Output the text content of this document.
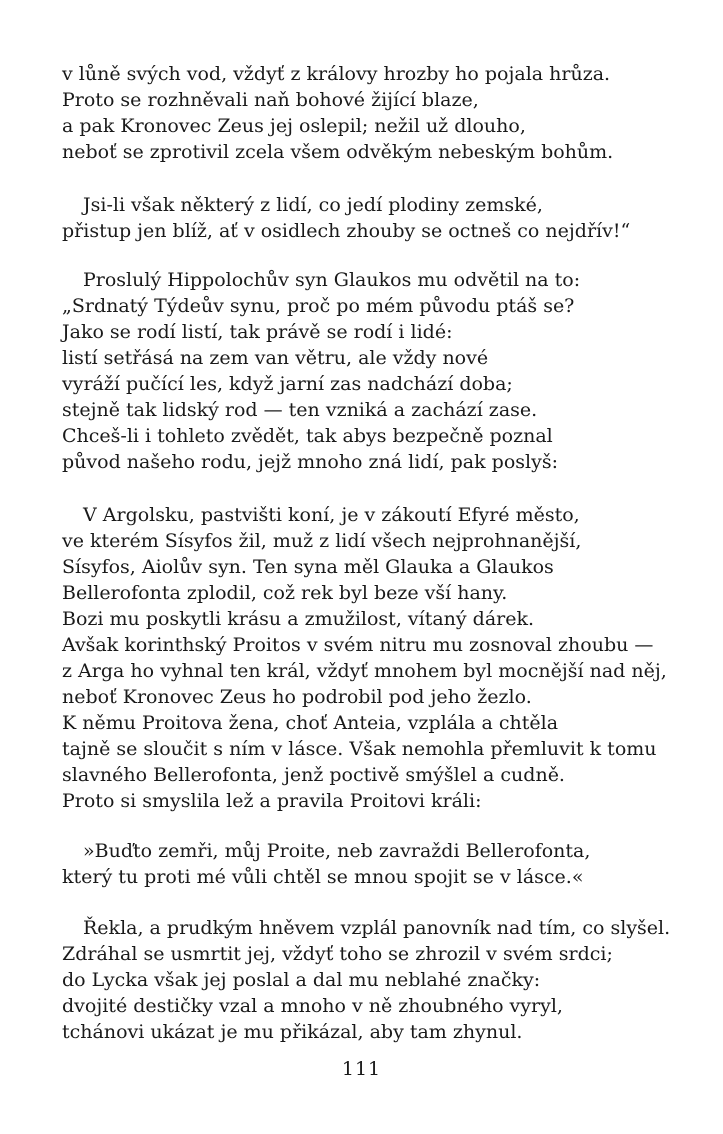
v lůně svých vod, vždyť z královy hrozby ho pojala hrůza.

Proto se rozhněvali naň bohové žijící blaze,

a pak Kronovec Zeus jej oslepil; nežil už dlouho,

neboť se zprotivil zcela všem odvěkým nebeským bohům.

Jsi-li však některý z lidí, co jedí plodiny zemské,

přistup jen blíž, ať v osidlech zhouby se octneš co nejdřív!“

Proslulý Hippolochův syn Glaukos mu odvětil na to:

„Srdnatý Týdeův synu, proč po mém původu ptáš se?

Jako se rodí listí, tak právě se rodí i lidé:

listí setřásá na zem van větru, ale vždy nové

vyráží pučící les, když jarní zas nadchází doba;

stejně tak lidský rod — ten vzniká a zachází zase.

Chceš-li i tohleto zvědět, tak abys bezpečně poznal

původ našeho rodu, jejž mnoho zná lidí, pak poslyš:

V Argolsku, pastvišti koní, je v zákoutí Efyré město,

ve kterém Sísyfos žil, muž z lidí všech nejprohnanější,

Sísyfos, Aiolův syn. Ten syna měl Glauka a Glaukos

Bellerofonta zplodil, což rek byl beze vší hany.

Bozi mu poskytli krásu a zmužilost, vítaný dárek.

Avšak korinthský Proitos v svém nitru mu zosnoval zhoubu —

z Arga ho vyhnal ten král, vždyť mnohem byl mocnější nad něj,

neboť Kronovec Zeus ho podrobil pod jeho žezlo.

K němu Proitova žena, choť Anteia, vzplála a chtěla

tajně se sloučit s ním v lásce. Však nemohla přemluvit k tomu

slavného Bellerofonta, jenž poctivě smýšlel a cudně.

Proto si smyslila lež a pravila Proitovi králi:

»Buďto zemři, můj Proite, neb zavraždi Bellerofonta,

který tu proti mé vůli chtěl se mnou spojit se v lásce.«

Řekla, a prudkým hněvem vzplál panovník nad tím, co slyšel.

Zdráhal se usmrtit jej, vždyť toho se zhrozil v svém srdci;

do Lycka však jej poslal a dal mu neblahé značky:

dvojité destičky vzal a mnoho v ně zhoubného vyryl,

tchánovi ukázat je mu přikázal, aby tam zhynul.

111
